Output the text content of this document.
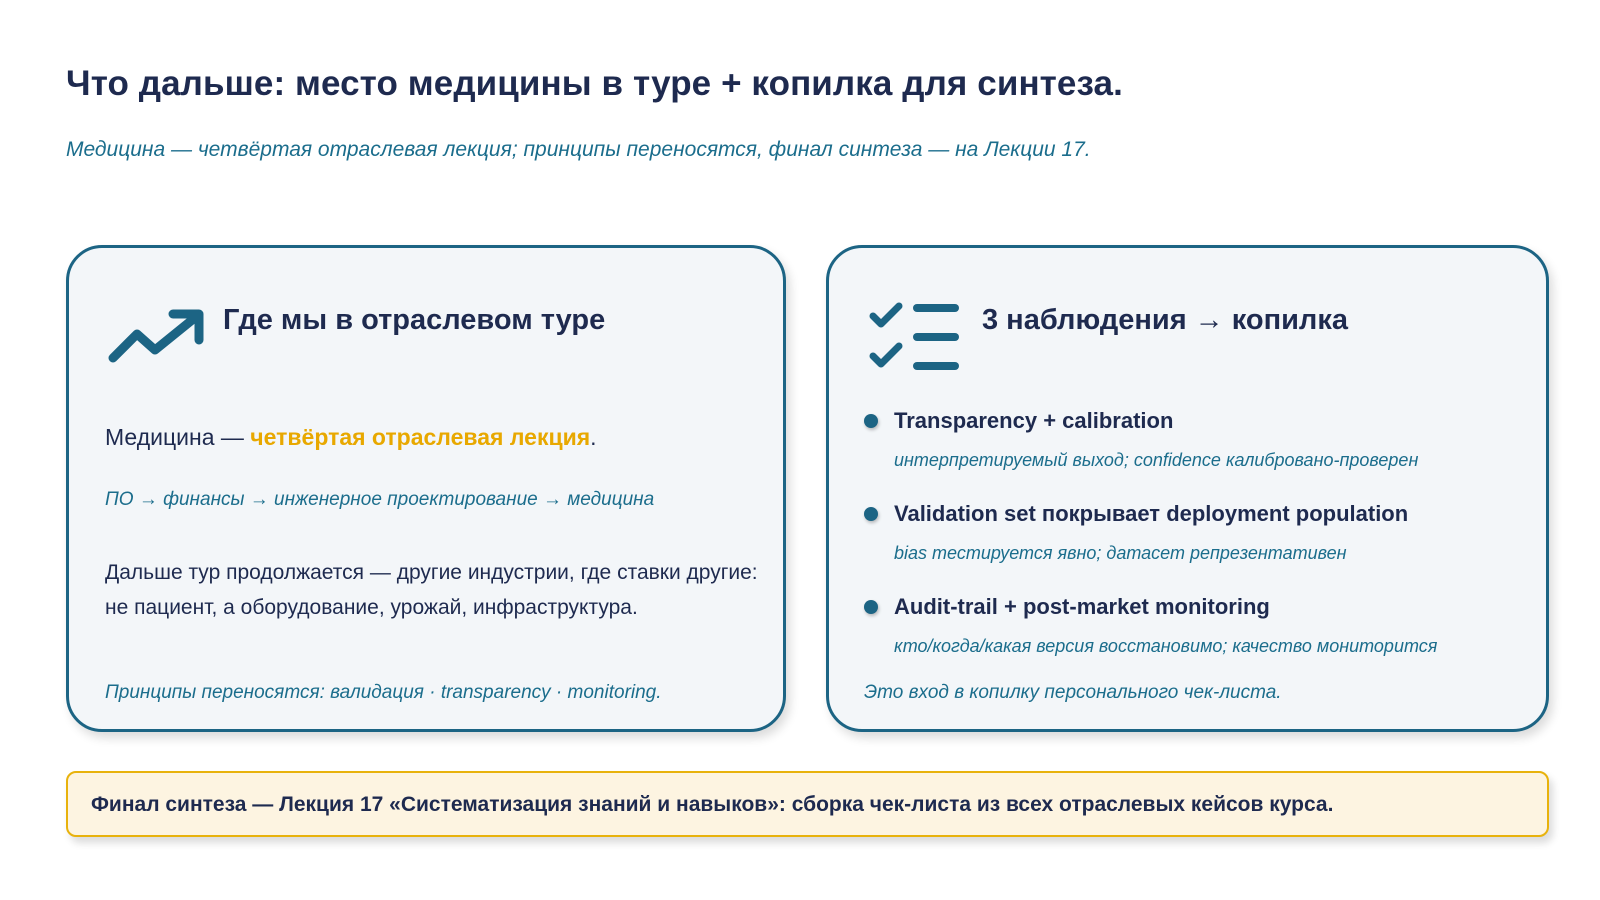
Что дальше: место медицины в туре + копилка для синтеза.

Медицина — четвёртая отраслевая лекция; принципы переносятся, финал синтеза — на Лекции 17.

Где мы в отраслевом туре

Медицина — четвёртая отраслевая лекция.

ПО → финансы → инженерное проектирование → медицина

Дальше тур продолжается — другие индустрии, где ставки другие: не пациент, а оборудование, урожай, инфраструктура.

Принципы переносятся: валидация · transparency · monitoring.

3 наблюдения → копилка

Transparency + calibration

интерпретируемый выход; confidence калибровано-проверен

Validation set покрывает deployment population

bias тестируется явно; датасет репрезентативен

Audit-trail + post-market monitoring

кто/когда/какая версия восстановимо; качество мониторится

Это вход в копилку персонального чек-листа.

Финал синтеза — Лекция 17 «Систематизация знаний и навыков»: сборка чек-листа из всех отраслевых кейсов курса.
